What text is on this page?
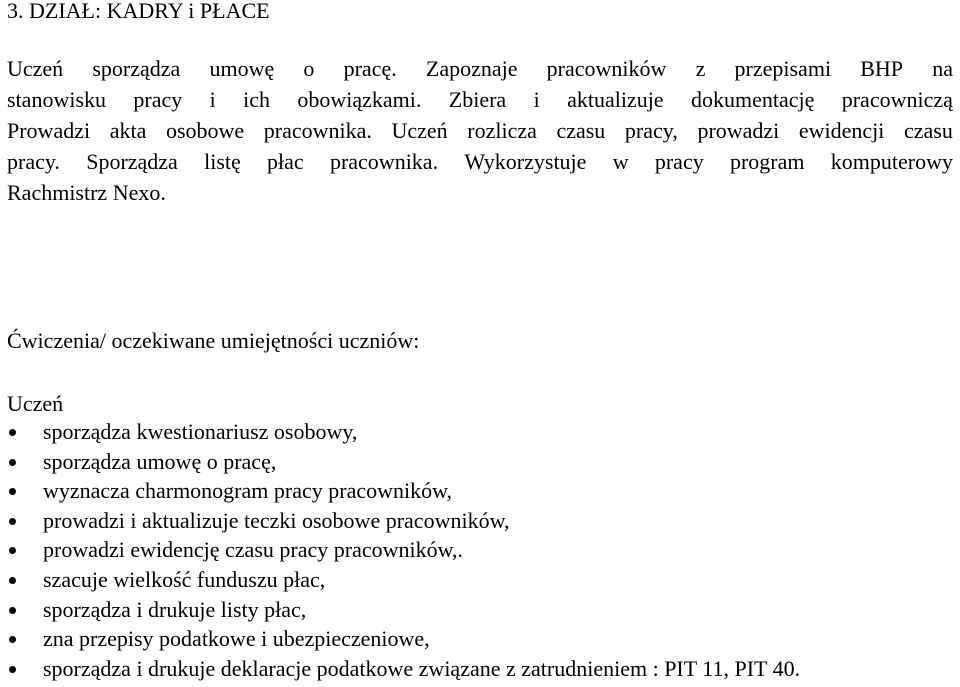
3. DZIAŁ: KADRY i PŁACE
Uczeń sporządza umowę o pracę. Zapoznaje pracowników z przepisami BHP na
stanowisku pracy i ich obowiązkami. Zbiera i aktualizuje dokumentację pracowniczą
Prowadzi akta osobowe pracownika. Uczeń rozlicza czasu pracy, prowadzi ewidencji czasu
pracy. Sporządza listę płac pracownika. Wykorzystuje w pracy program komputerowy
Rachmistrz Nexo.
Ćwiczenia/ oczekiwane umiejętności uczniów:
Uczeń
sporządza kwestionariusz osobowy,
sporządza umowę o pracę,
wyznacza charmonogram pracy pracowników,
prowadzi i aktualizuje teczki osobowe pracowników,
prowadzi ewidencję czasu pracy pracowników,.
szacuje wielkość funduszu płac,
sporządza i drukuje listy płac,
zna przepisy podatkowe i ubezpieczeniowe,
sporządza i drukuje deklaracje podatkowe związane z zatrudnieniem : PIT 11, PIT 40.
